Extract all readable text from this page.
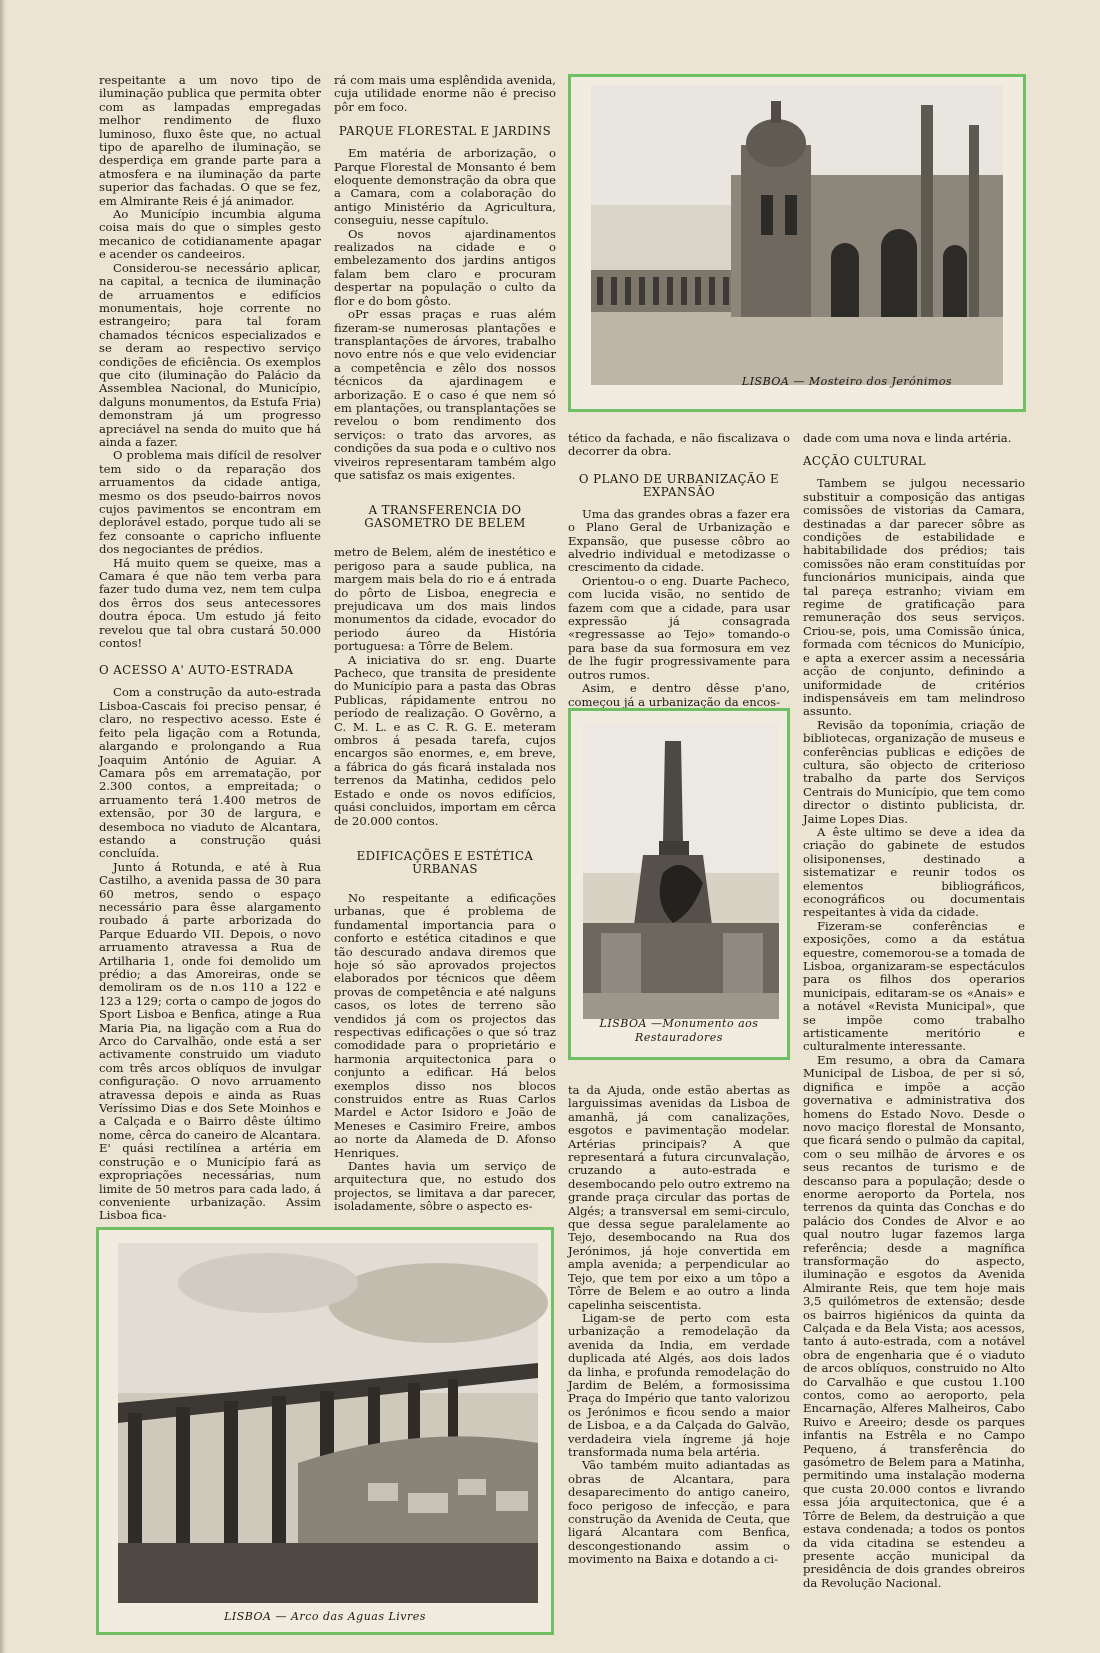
respeitante a um novo tipo de iluminação publica que permita obter com as lampadas empregadas melhor rendimento de fluxo luminoso, fluxo êste que, no actual tipo de aparelho de iluminação, se desperdiça em grande parte para a atmosfera e na iluminação da parte superior das fachadas. O que se fez, em Almirante Reis é já animador.

Ao Município incumbia alguma coisa mais do que o simples gesto mecanico de cotidianamente apagar e acender os candeeiros.

Considerou-se necessário aplicar, na capital, a tecnica de iluminação de arruamentos e edifícios monumentais, hoje corrente no estrangeiro; para tal foram chamados técnicos especializados e se deram ao respectivo serviço condições de eficiência. Os exemplos que cito (iluminação do Palácio da Assemblea Nacional, do Município, dalguns monumentos, da Estufa Fria) demonstram já um progresso apreciável na senda do muito que há ainda a fazer.

O problema mais difícil de resolver tem sido o da reparação dos arruamentos da cidade antiga, mesmo os dos pseudo-bairros novos cujos pavimentos se encontram em deplorável estado, porque tudo ali se fez consoante o capricho influente dos negociantes de prédios.

Há muito quem se queixe, mas a Camara é que não tem verba para fazer tudo duma vez, nem tem culpa dos êrros dos seus antecessores doutra época. Um estudo já feito revelou que tal obra custará 50.000 contos!

O ACESSO A' AUTO-ESTRADA

Com a construção da auto-estrada Lisboa-Cascais foi preciso pensar, é claro, no respectivo acesso. Este é feito pela ligação com a Rotunda, alargando e prolongando a Rua Joaquim António de Aguiar. A Camara pôs em arrematação, por 2.300 contos, a empreitada; o arruamento terá 1.400 metros de extensão, por 30 de largura, e desemboca no viaduto de Alcantara, estando a construção quási concluída.

Junto á Rotunda, e até à Rua Castilho, a avenida passa de 30 para 60 metros, sendo o espaço necessário para êsse alargamento roubado á parte arborizada do Parque Eduardo VII. Depois, o novo arruamento atravessa a Rua de Artilharia 1, onde foi demolido um prédio; a das Amoreiras, onde se demoliram os de n.os 110 a 122 e 123 a 129; corta o campo de jogos do Sport Lisboa e Benfica, atinge a Rua Maria Pia, na ligação com a Rua do Arco do Carvalhão, onde está a ser activamente construido um viaduto com três arcos oblíquos de invulgar configuração. O novo arruamento atravessa depois e ainda as Ruas Veríssimo Dias e dos Sete Moinhos e a Calçada e o Bairro dêste último nome, cêrca do caneiro de Alcantara. E' quási rectilínea a artéria em construção e o Município fará as expropriações necessárias, num limite de 50 metros para cada lado, á conveniente urbanização. Assim Lisboa fica-

rá com mais uma esplêndida avenida, cuja utilidade enorme não é preciso pôr em foco.

PARQUE FLORESTAL E JARDINS

Em matéria de arborização, o Parque Florestal de Monsanto é bem eloquente demonstração da obra que a Camara, com a colaboração do antigo Ministério da Agricultura, conseguiu, nesse capítulo.

Os novos ajardinamentos realizados na cidade e o embelezamento dos jardins antigos falam bem claro e procuram despertar na população o culto da flor e do bom gôsto.

oPr essas praças e ruas além fizeram-se numerosas plantações e transplantações de árvores, trabalho novo entre nós e que velo evidenciar a competência e zêlo dos nossos técnicos da ajardinagem e arborização. E o caso é que nem só em plantações, ou transplantações se revelou o bom rendimento dos serviços: o trato das arvores, as condições da sua poda e o cultivo nos viveiros representaram também algo que satisfaz os mais exigentes.

A TRANSFERENCIA DO GASOMETRO DE BELEM

metro de Belem, além de inestético e perigoso para a saude publica, na margem mais bela do rio e á entrada do pôrto de Lisboa, enegrecia e prejudicava um dos mais lindos monumentos da cidade, evocador do periodo áureo da História portuguesa: a Tôrre de Belem.

A iniciativa do sr. eng. Duarte Pacheco, que transita de presidente do Município para a pasta das Obras Publicas, rápidamente entrou no período de realização. O Govêrno, a C. M. L. e as C. R. G. E. meteram ombros á pesada tarefa, cujos encargos são enormes, e, em breve, a fábrica do gás ficará instalada nos terrenos da Matinha, cedidos pelo Estado e onde os novos edifícios, quási concluidos, importam em cêrca de 20.000 contos.

EDIFICAÇÕES E ESTÉTICA URBANAS

No respeitante a edificações urbanas, que é problema de fundamental importancia para o conforto e estética citadinos e que tão descurado andava diremos que hoje só são aprovados projectos elaborados por técnicos que dêem provas de competência e até nalguns casos, os lotes de terreno são vendidos já com os projectos das respectivas edificações o que só traz comodidade para o proprietário e harmonia arquitectonica para o conjunto a edificar. Há belos exemplos disso nos blocos construidos entre as Ruas Carlos Mardel e Actor Isidoro e João de Meneses e Casimiro Freire, ambos ao norte da Alameda de D. Afonso Henriques.

Dantes havia um serviço de arquitectura que, no estudo dos projectos, se limitava a dar parecer, isoladamente, sôbre o aspecto es-

tético da fachada, e não fiscalizava o decorrer da obra.

O PLANO DE URBANIZAÇÃO E EXPANSÃO

Uma das grandes obras a fazer era o Plano Geral de Urbanização e Expansão, que pusesse côbro ao alvedrio individual e metodizasse o crescimento da cidade.

Orientou-o o eng. Duarte Pacheco, com lucida visão, no sentido de fazem com que a cidade, para usar expressão já consagrada «regressasse ao Tejo» tomando-o para base da sua formosura em vez de lhe fugir progressivamente para outros rumos.

Asim, e dentro dêsse p'ano, começou já a urbanização da encos-

ta da Ajuda, onde estão abertas as larguissimas avenidas da Lisboa de amanhã, já com canalizações, esgotos e pavimentação modelar. Artérias principais? A que representará a futura circunvalação, cruzando a auto-estrada e desembocando pelo outro extremo na grande praça circular das portas de Algés; a transversal em semi-circulo, que dessa segue paralelamente ao Tejo, desembocando na Rua dos Jerónimos, já hoje convertida em ampla avenida; a perpendicular ao Tejo, que tem por eixo a um tôpo a Tôrre de Belem e ao outro a linda capelinha seiscentista.

Ligam-se de perto com esta urbanização a remodelação da avenida da India, em verdade duplicada até Algés, aos dois lados da linha, e profunda remodelação do Jardim de Belém, a formosissima Praça do Império que tanto valorizou os Jerónimos e ficou sendo a maior de Lisboa, e a da Calçada do Galvão, verdadeira viela íngreme já hoje transformada numa bela artéria.

Vão também muito adiantadas as obras de Alcantara, para desaparecimento do antigo caneiro, foco perigoso de infecção, e para construção da Avenida de Ceuta, que ligará Alcantara com Benfica, descongestionando assim o movimento na Baixa e dotando a ci-

dade com uma nova e linda artéria.

ACÇÃO CULTURAL

Tambem se julgou necessario substituir a composição das antigas comissões de vistorias da Camara, destinadas a dar parecer sôbre as condições de estabilidade e habitabilidade dos prédios; tais comissões não eram constituídas por funcionários municipais, ainda que tal pareça estranho; viviam em regime de gratificação para remuneração dos seus serviços. Criou-se, pois, uma Comissão única, formada com técnicos do Município, e apta a exercer assim a necessária acção de conjunto, definindo a uniformidade de critérios indispensáveis em tam melindroso assunto.

Revisão da toponímia, criação de bibliotecas, organização de museus e conferências publicas e edições de cultura, são objecto de criterioso trabalho da parte dos Serviços Centrais do Município, que tem como director o distinto publicista, dr. Jaime Lopes Dias.

A êste ultimo se deve a idea da criação do gabinete de estudos olisiponenses, destinado a sistematizar e reunir todos os elementos bibliográficos, econográficos ou documentais respeitantes à vida da cidade.

Fizeram-se conferências e exposições, como a da estátua equestre, comemorou-se a tomada de Lisboa, organizaram-se espectáculos para os filhos dos operarios municipais, editaram-se os «Anais» e a notável «Revista Municipal», que se impõe como trabalho artisticamente meritório e culturalmente interessante.

Em resumo, a obra da Camara Municipal de Lisboa, de per si só, dignifica e impõe a acção governativa e administrativa dos homens do Estado Novo. Desde o novo maciço florestal de Monsanto, que ficará sendo o pulmão da capital, com o seu milhão de árvores e os seus recantos de turismo e de descanso para a população; desde o enorme aeroporto da Portela, nos terrenos da quinta das Conchas e do palácio dos Condes de Alvor e ao qual noutro lugar fazemos larga referência; desde a magnífica transformação do aspecto, iluminação e esgotos da Avenida Almirante Reis, que tem hoje mais 3,5 quilómetros de extensão; desde os bairros higiénicos da quinta da Calçada e da Bela Vista; aos acessos, tanto á auto-estrada, com a notável obra de engenharia que é o viaduto de arcos oblíquos, construido no Alto do Carvalhão e que custou 1.100 contos, como ao aeroporto, pela Encarnação, Alferes Malheiros, Cabo Ruivo e Areeiro; desde os parques infantis na Estrêla e no Campo Pequeno, á transferência do gasómetro de Belem para a Matinha, permitindo uma instalação moderna que custa 20.000 contos e livrando essa jóia arquitectonica, que é a Tôrre de Belem, da destruição a que estava condenada; a todos os pontos da vida citadina se estendeu a presente acção municipal da presidência de dois grandes obreiros da Revolução Nacional.

LISBOA — Mosteiro dos Jerónimos
LISBOA —Monumento aos
Restauradores
LISBOA — Arco das Aguas Livres
